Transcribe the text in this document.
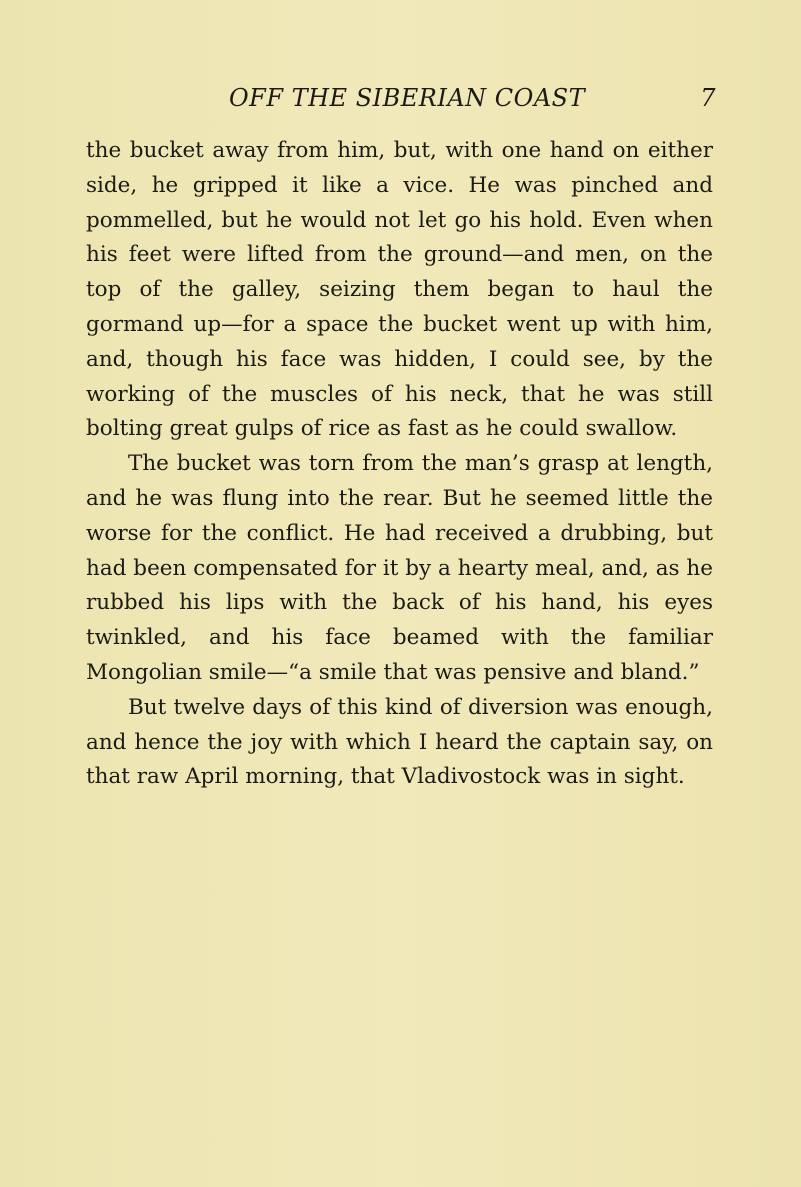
OFF THE SIBERIAN COAST	7

the bucket away from him, but, with one hand on either side, he gripped it like a vice. He was pinched and pommelled, but he would not let go his hold. Even when his feet were lifted from the ground—and men, on the top of the galley, seizing them began to haul the gormand up—for a space the bucket went up with him, and, though his face was hidden, I could see, by the working of the muscles of his neck, that he was still bolting great gulps of rice as fast as he could swallow.

The bucket was torn from the man’s grasp at length, and he was flung into the rear. But he seemed little the worse for the conflict. He had received a drubbing, but had been compensated for it by a hearty meal, and, as he rubbed his lips with the back of his hand, his eyes twinkled, and his face beamed with the familiar Mongolian smile—“a smile that was pensive and bland.”

But twelve days of this kind of diversion was enough, and hence the joy with which I heard the captain say, on that raw April morning, that Vladivostock was in sight.
